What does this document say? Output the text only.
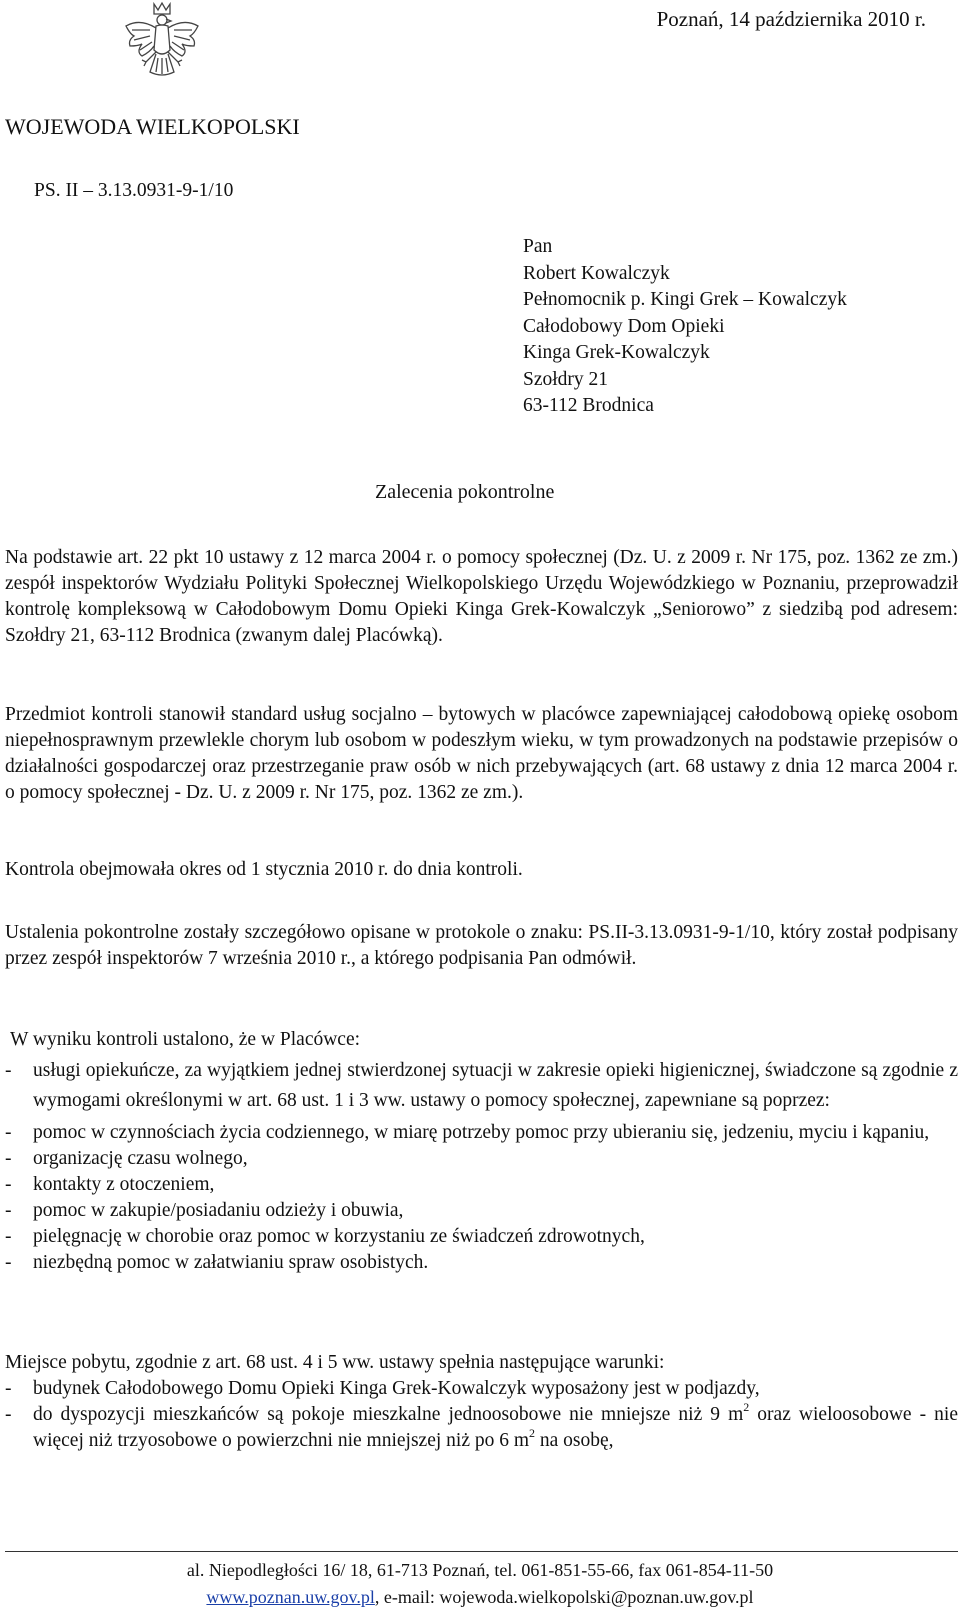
Poznań, 14 października 2010 r.
WOJEWODA WIELKOPOLSKI
PS. II – 3.13.0931-9-1/10
Pan
Robert Kowalczyk
Pełnomocnik p. Kingi Grek – Kowalczyk
Całodobowy Dom Opieki
Kinga Grek-Kowalczyk
Szołdry 21
63-112 Brodnica
Zalecenia pokontrolne

Na podstawie art. 22 pkt 10 ustawy z 12 marca 2004 r. o pomocy społecznej (Dz. U. z 2009 r. Nr 175, poz. 1362 ze zm.) zespół inspektorów Wydziału Polityki Społecznej Wielkopolskiego Urzędu Wojewódzkiego w Poznaniu, przeprowadził kontrolę kompleksową w Całodobowym Domu Opieki Kinga Grek-Kowalczyk „Seniorowo” z siedzibą pod adresem: Szołdry 21, 63-112 Brodnica (zwanym dalej Placówką).

Przedmiot kontroli stanowił standard usług socjalno – bytowych w placówce zapewniającej całodobową opiekę osobom niepełnosprawnym przewlekle chorym lub osobom w podeszłym wieku, w tym prowadzonych na podstawie przepisów o działalności gospodarczej oraz przestrzeganie praw osób w nich przebywających (art. 68 ustawy z dnia 12 marca 2004 r. o pomocy społecznej - Dz. U. z 2009 r. Nr 175, poz. 1362 ze zm.).

Kontrola obejmowała okres od 1 stycznia 2010 r. do dnia kontroli.

Ustalenia pokontrolne zostały szczegółowo opisane w protokole o znaku: PS.II-3.13.0931-9-1/10, który został podpisany przez zespół inspektorów 7 września 2010 r., a którego podpisania Pan odmówił.

W wyniku kontroli ustalono, że w Placówce:

-	usługi opiekuńcze, za wyjątkiem jednej stwierdzonej sytuacji w zakresie opieki higienicznej, świadczone są zgodnie z wymogami określonymi w art. 68 ust. 1 i 3 ww. ustawy o pomocy społecznej, zapewniane są poprzez:
-	pomoc w czynnościach życia codziennego, w miarę potrzeby pomoc przy ubieraniu się, jedzeniu, myciu i kąpaniu,
-	organizację czasu wolnego,
-	kontakty z otoczeniem,
-	pomoc w zakupie/posiadaniu odzieży i obuwia,
-	pielęgnację w chorobie oraz pomoc w korzystaniu ze świadczeń zdrowotnych,
-	niezbędną pomoc w załatwianiu spraw osobistych.

Miejsce pobytu, zgodnie z art. 68 ust. 4 i 5 ww. ustawy spełnia następujące warunki:

-	budynek Całodobowego Domu Opieki Kinga Grek-Kowalczyk wyposażony jest w podjazdy,
-	do dyspozycji mieszkańców są pokoje mieszkalne jednoosobowe nie mniejsze niż 9 $m^2$ oraz wieloosobowe - nie więcej niż trzyosobowe o powierzchni nie mniejszej niż po 6 $m^2$ na osobę,
al. Niepodległości 16/ 18, 61-713 Poznań, tel. 061-851-55-66, fax 061-854-11-50
www.poznan.uw.gov.pl, e-mail: wojewoda.wielkopolski@poznan.uw.gov.pl
